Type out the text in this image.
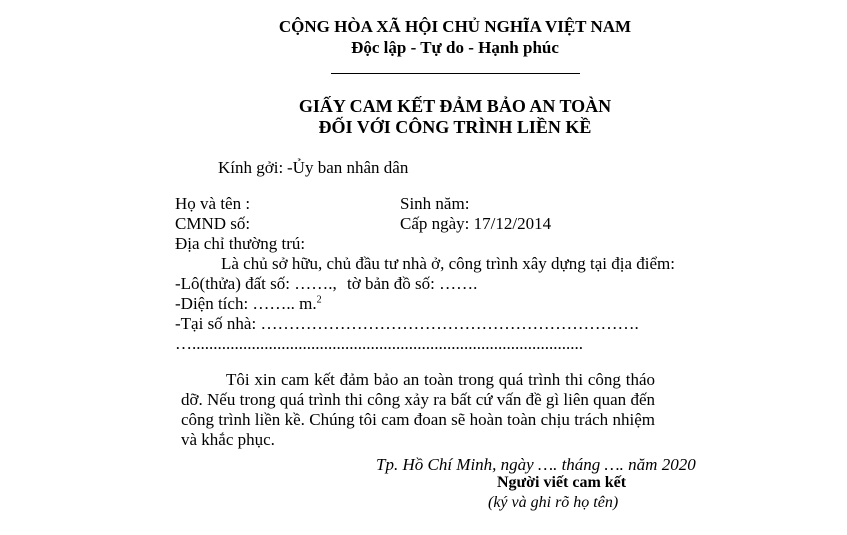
CỘNG HÒA XÃ HỘI CHỦ NGHĨA VIỆT NAM
Độc lập - Tự do - Hạnh phúc
GIẤY CAM KẾT ĐẢM BẢO AN TOÀN
ĐỐI VỚI CÔNG TRÌNH LIỀN KỀ
Kính gởi: -Ủy ban nhân dân
Họ và tên :	Sinh năm:
CMND số:	Cấp ngày: 17/12/2014
Địa chỉ thường trú:
Là chủ sở hữu, chủ đầu tư nhà ở, công trình xây dựng tại địa điểm:
-Lô(thửa) đất số: ……., tờ bản đồ số: …….
-Diện tích: …….. m.$^2$
-Tại số nhà: ………………………………………………………….
…............................................................................................
Tôi xin cam kết đảm bảo an toàn trong quá trình thi công tháo dỡ. Nếu trong quá trình thi công xảy ra bất cứ vấn đề gì liên quan đến công trình liền kề. Chúng tôi cam đoan sẽ hoàn toàn chịu trách nhiệm và khắc phục.
Tp. Hồ Chí Minh, ngày …. tháng …. năm 2020
Người viết cam kết
(ký và ghi rõ họ tên)
